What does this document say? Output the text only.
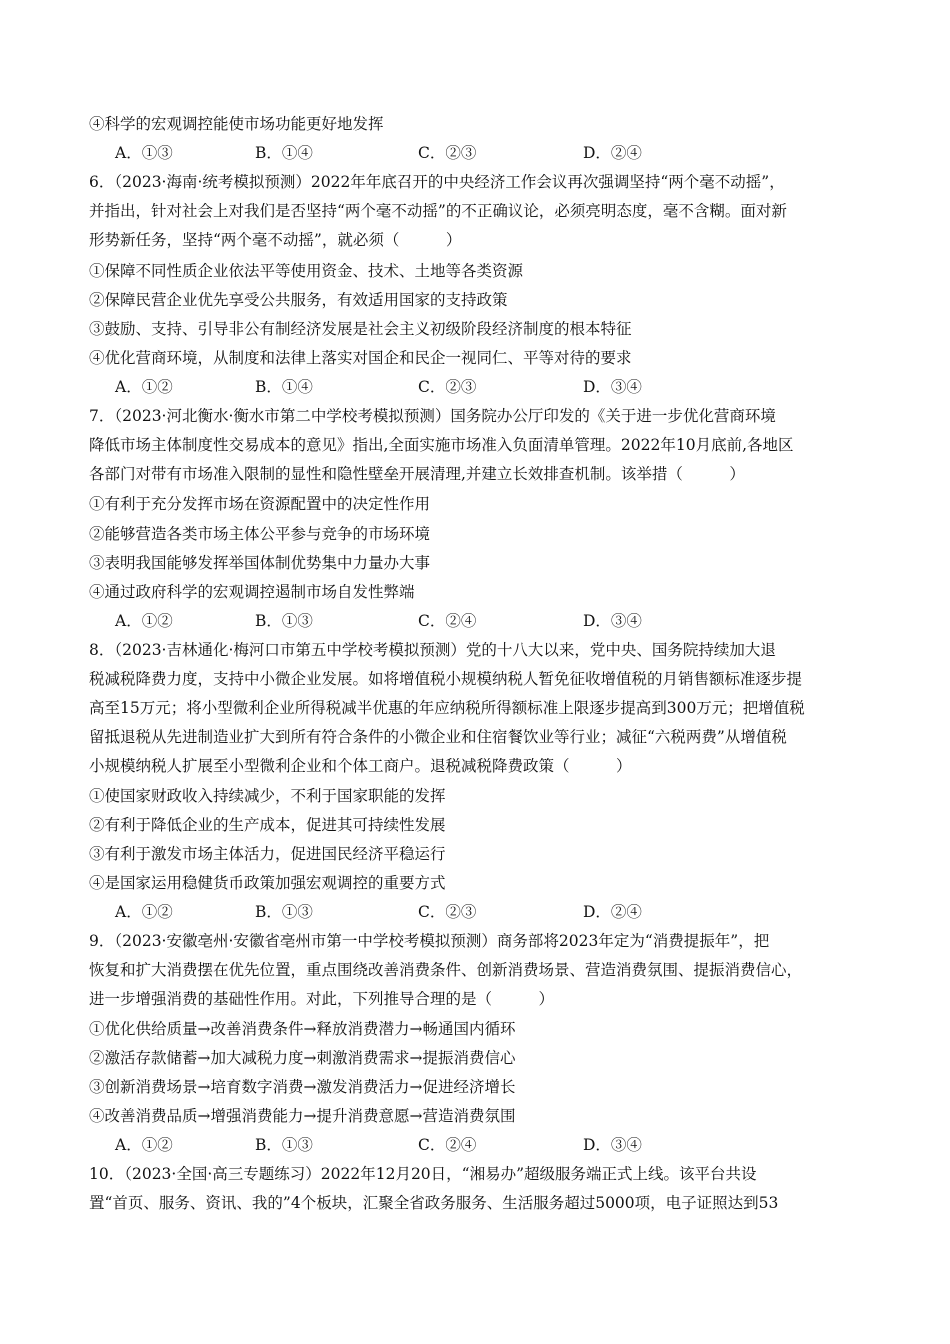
④科学的宏观调控能使市场功能更好地发挥
A．①③	B．①④	C．②③	D．②④
6．（2023·海南·统考模拟预测）2022年年底召开的中央经济工作会议再次强调坚持“两个毫不动摇”，
并指出，针对社会上对我们是否坚持“两个毫不动摇”的不正确议论，必须亮明态度，毫不含糊。面对新
形势新任务，坚持“两个毫不动摇”，就必须（　　　）
①保障不同性质企业依法平等使用资金、技术、土地等各类资源
②保障民营企业优先享受公共服务，有效适用国家的支持政策
③鼓励、支持、引导非公有制经济发展是社会主义初级阶段经济制度的根本特征
④优化营商环境，从制度和法律上落实对国企和民企一视同仁、平等对待的要求
A．①②	B．①④	C．②③	D．③④
7．（2023·河北衡水·衡水市第二中学校考模拟预测）国务院办公厅印发的《关于进一步优化营商环境
降低市场主体制度性交易成本的意见》指出,全面实施市场准入负面清单管理。2022年10月底前,各地区
各部门对带有市场准入限制的显性和隐性壁垒开展清理,并建立长效排查机制。该举措（　　　）
①有利于充分发挥市场在资源配置中的决定性作用
②能够营造各类市场主体公平参与竞争的市场环境
③表明我国能够发挥举国体制优势集中力量办大事
④通过政府科学的宏观调控遏制市场自发性弊端
A．①②	B．①③	C．②④	D．③④
8．（2023·吉林通化·梅河口市第五中学校考模拟预测）党的十八大以来，党中央、国务院持续加大退
税减税降费力度，支持中小微企业发展。如将增值税小规模纳税人暂免征收增值税的月销售额标准逐步提
高至15万元；将小型微利企业所得税减半优惠的年应纳税所得额标准上限逐步提高到300万元；把增值税
留抵退税从先进制造业扩大到所有符合条件的小微企业和住宿餐饮业等行业；减征“六税两费”从增值税
小规模纳税人扩展至小型微利企业和个体工商户。退税减税降费政策（　　　）
①使国家财政收入持续减少，不利于国家职能的发挥
②有利于降低企业的生产成本，促进其可持续性发展
③有利于激发市场主体活力，促进国民经济平稳运行
④是国家运用稳健货币政策加强宏观调控的重要方式
A．①②	B．①③	C．②③	D．②④
9．（2023·安徽亳州·安徽省亳州市第一中学校考模拟预测）商务部将2023年定为“消费提振年”，把
恢复和扩大消费摆在优先位置，重点围绕改善消费条件、创新消费场景、营造消费氛围、提振消费信心，
进一步增强消费的基础性作用。对此，下列推导合理的是（　　　）
①优化供给质量→改善消费条件→释放消费潜力→畅通国内循环
②激活存款储蓄→加大减税力度→刺激消费需求→提振消费信心
③创新消费场景→培育数字消费→激发消费活力→促进经济增长
④改善消费品质→增强消费能力→提升消费意愿→营造消费氛围
A．①②	B．①③	C．②④	D．③④
10．（2023·全国·高三专题练习）2022年12月20日，“湘易办”超级服务端正式上线。该平台共设
置“首页、服务、资讯、我的”4个板块，汇聚全省政务服务、生活服务超过5000项，电子证照达到53
